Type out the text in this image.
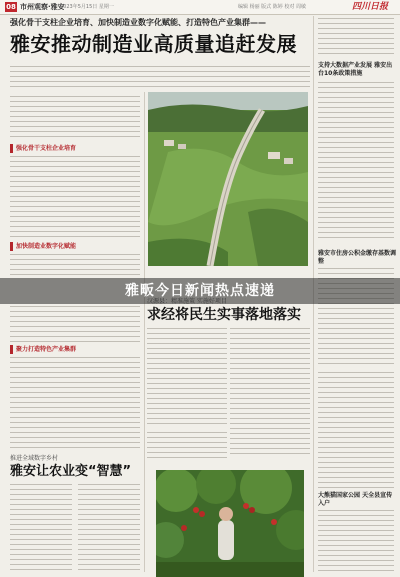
08 市州观察·雅安
2023年5月15日 星期一	编辑 杨丽 版式 陈婷 校对 周敏	四川日报
强化骨干支柱企业培育、加快制造业数字化赋能、打造特色产业集群——
雅安推动制造业高质量追赶发展
强化骨干支柱企业培育
加快制造业数字化赋能
聚力打造特色产业集群
支持大数据产业发展 雅安出台10条政策措施
雅安市住房公积金缴存基数调整
大熊猫国家公园 天全县宣传入户
求经将民生实事落地落实
推进全域数字乡村
雅安让农业变“智慧”
雅畈今日新闻热点速递
